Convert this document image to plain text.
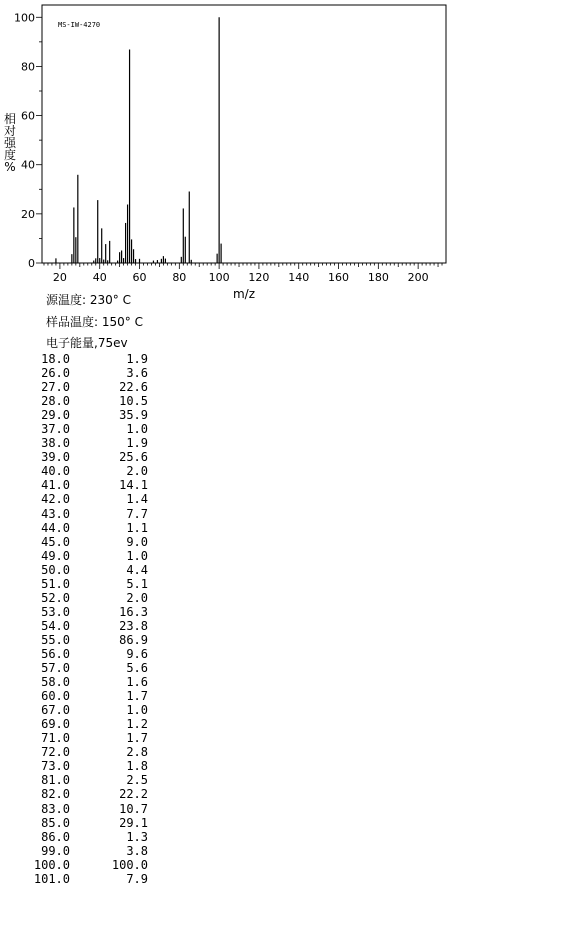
MS-IW-4270
20 40 60 80 100 120 140 160 180 200
0
20
40
60
80
100
m/z
相
对
强
度
%
源温度: 230° C
样品温度: 150° C
电子能量,75ev
18.0	1.9
26.0	3.6
27.0	22.6
28.0	10.5
29.0	35.9
37.0	1.0
38.0	1.9
39.0	25.6
40.0	2.0
41.0	14.1
42.0	1.4
43.0	7.7
44.0	1.1
45.0	9.0
49.0	1.0
50.0	4.4
51.0	5.1
52.0	2.0
53.0	16.3
54.0	23.8
55.0	86.9
56.0	9.6
57.0	5.6
58.0	1.6
60.0	1.7
67.0	1.0
69.0	1.2
71.0	1.7
72.0	2.8
73.0	1.8
81.0	2.5
82.0	22.2
83.0	10.7
85.0	29.1
86.0	1.3
99.0	3.8
100.0	100.0
101.0	7.9
